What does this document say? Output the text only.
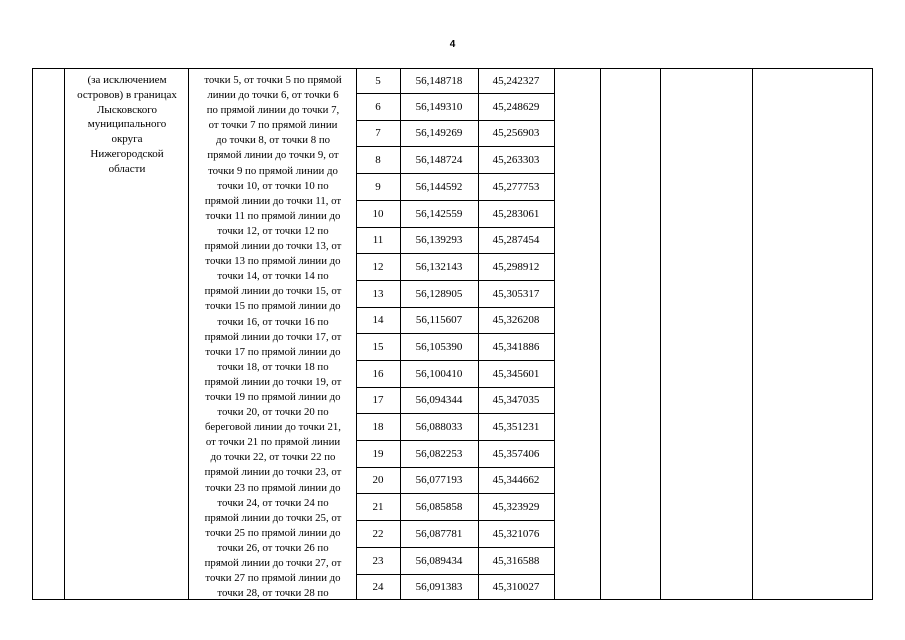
4
(за исключением
островов) в границах
Лысковского
муниципального
округа
Нижегородской
области
точки 5, от точки 5 по прямой
линии до точки 6, от точки 6
по прямой линии до точки 7,
от точки 7 по прямой линии
до точки 8, от точки 8 по
прямой линии до точки 9, от
точки 9 по прямой линии до
точки 10, от точки 10 по
прямой линии до точки 11, от
точки 11 по прямой линии до
точки 12, от точки 12 по
прямой линии до точки 13, от
точки 13 по прямой линии до
точки 14, от точки 14 по
прямой линии до точки 15, от
точки 15 по прямой линии до
точки 16, от точки 16 по
прямой линии до точки 17, от
точки 17 по прямой линии до
точки 18, от точки 18 по
прямой линии до точки 19, от
точки 19 по прямой линии до
точки 20, от точки 20 по
береговой линии до точки 21,
от точки 21 по прямой линии
до точки 22, от точки 22 по
прямой линии до точки 23, от
точки 23 по прямой линии до
точки 24, от точки 24 по
прямой линии до точки 25, от
точки 25 по прямой линии до
точки 26, от точки 26 по
прямой линии до точки 27, от
точки 27 по прямой линии до
точки 28, от точки 28 по
5	56,148718	45,242327
6	56,149310	45,248629
7	56,149269	45,256903
8	56,148724	45,263303
9	56,144592	45,277753
10	56,142559	45,283061
11	56,139293	45,287454
12	56,132143	45,298912
13	56,128905	45,305317
14	56,115607	45,326208
15	56,105390	45,341886
16	56,100410	45,345601
17	56,094344	45,347035
18	56,088033	45,351231
19	56,082253	45,357406
20	56,077193	45,344662
21	56,085858	45,323929
22	56,087781	45,321076
23	56,089434	45,316588
24	56,091383	45,310027
